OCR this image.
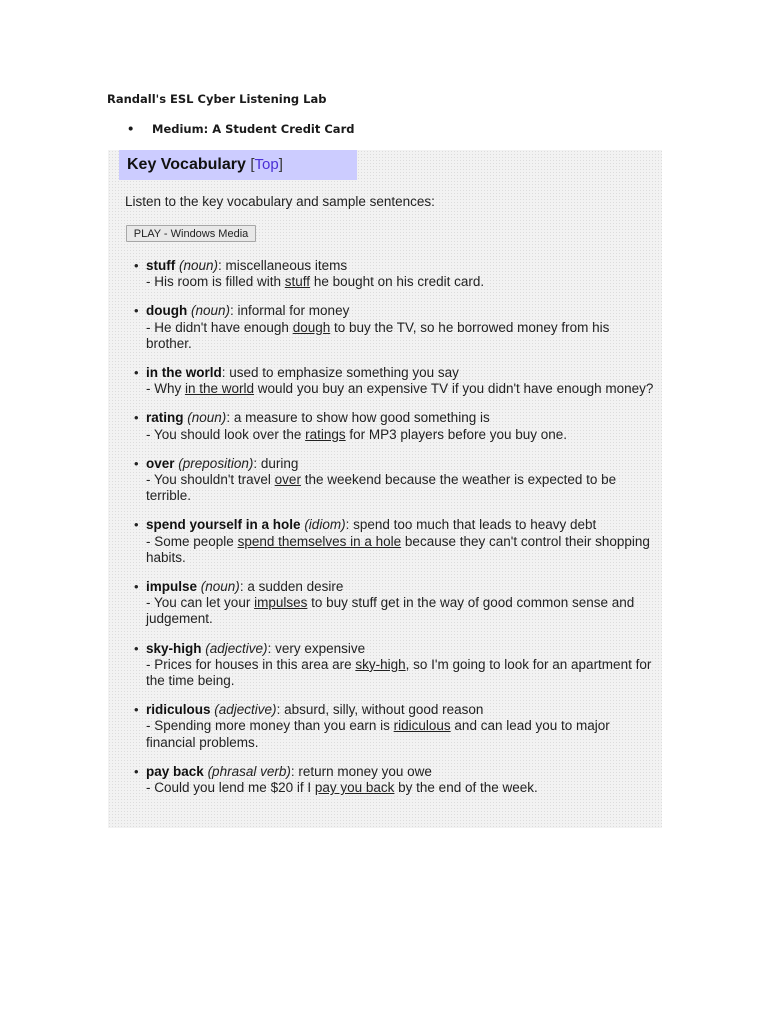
Randall's ESL Cyber Listening Lab
• Medium: A Student Credit Card
Key Vocabulary [Top]
Listen to the key vocabulary and sample sentences:
PLAY - Windows Media
• stuff (noun): miscellaneous items
- His room is filled with stuff he bought on his credit card.
• dough (noun): informal for money
- He didn't have enough dough to buy the TV, so he borrowed money from his brother.
• in the world: used to emphasize something you say
- Why in the world would you buy an expensive TV if you didn't have enough money?
• rating (noun): a measure to show how good something is
- You should look over the ratings for MP3 players before you buy one.
• over (preposition): during
- You shouldn't travel over the weekend because the weather is expected to be terrible.
• spend yourself in a hole (idiom): spend too much that leads to heavy debt
- Some people spend themselves in a hole because they can't control their shopping habits.
• impulse (noun): a sudden desire
- You can let your impulses to buy stuff get in the way of good common sense and judgement.
• sky-high (adjective): very expensive
- Prices for houses in this area are sky-high, so I'm going to look for an apartment for the time being.
• ridiculous (adjective): absurd, silly, without good reason
- Spending more money than you earn is ridiculous and can lead you to major financial problems.
• pay back (phrasal verb): return money you owe
- Could you lend me $20 if I pay you back by the end of the week.
